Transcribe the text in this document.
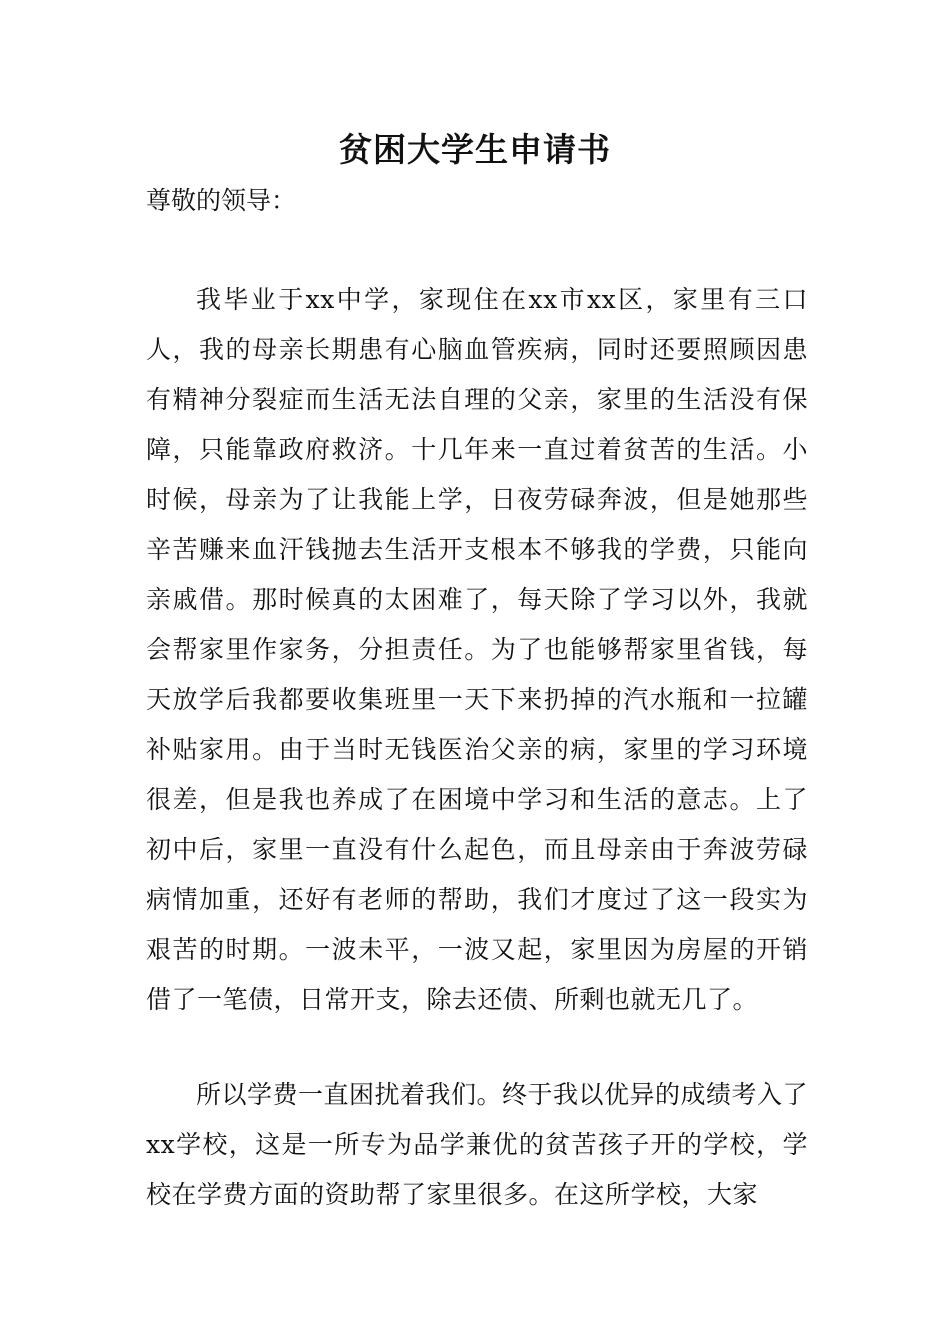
贫困大学生申请书
尊敬的领导：
我毕业于xx中学，家现住在xx市xx区，家里有三口人，我的母亲长期患有心脑血管疾病，同时还要照顾因患有精神分裂症而生活无法自理的父亲，家里的生活没有保障，只能靠政府救济。十几年来一直过着贫苦的生活。小时候，母亲为了让我能上学，日夜劳碌奔波，但是她那些辛苦赚来血汗钱抛去生活开支根本不够我的学费，只能向亲戚借。那时候真的太困难了，每天除了学习以外，我就会帮家里作家务，分担责任。为了也能够帮家里省钱，每天放学后我都要收集班里一天下来扔掉的汽水瓶和一拉罐补贴家用。由于当时无钱医治父亲的病，家里的学习环境很差，但是我也养成了在困境中学习和生活的意志。上了初中后，家里一直没有什么起色，而且母亲由于奔波劳碌病情加重，还好有老师的帮助，我们才度过了这一段实为艰苦的时期。一波未平，一波又起，家里因为房屋的开销借了一笔债，日常开支，除去还债、所剩也就无几了。
所以学费一直困扰着我们。终于我以优异的成绩考入了xx学校，这是一所专为品学兼优的贫苦孩子开的学校，学校在学费方面的资助帮了家里很多。在这所学校，大家
